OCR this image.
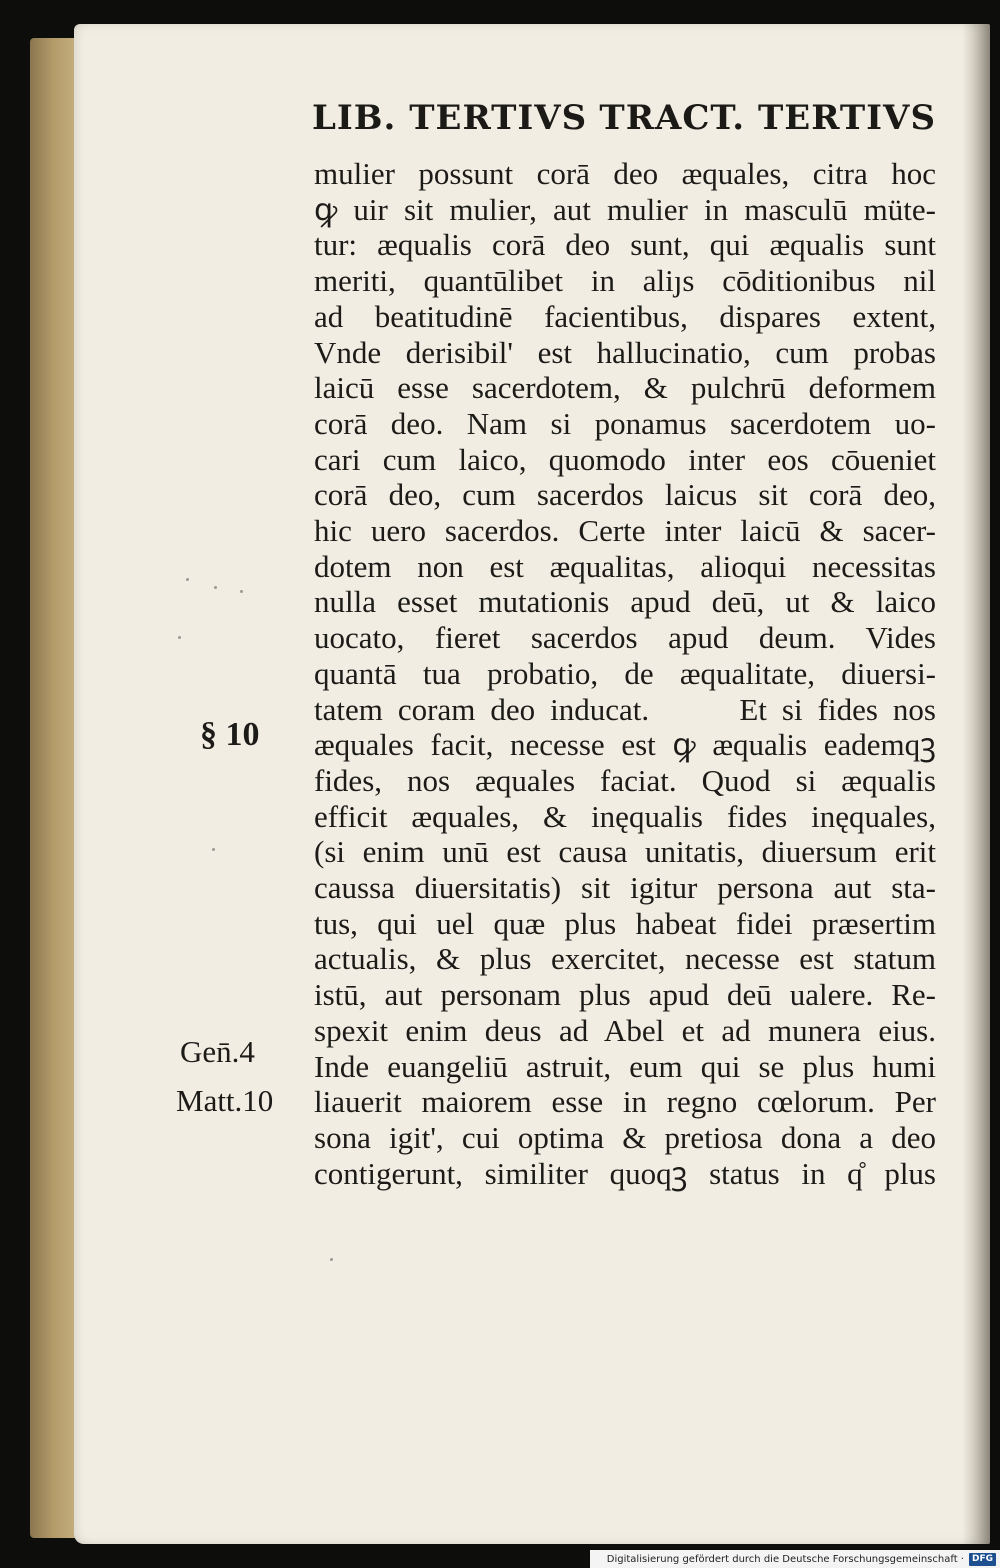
LIB. TERTIVS TRACT. TERTIVS
mulier possunt corā deo æquales, citra hoc
ꝙ uir sit mulier, aut mulier in masculū müte-
tur: æqualis corā deo sunt, qui æqualis sunt
meriti, quantūlibet in aliȷs cōditionibus nil
ad beatitudinē facientibus, dispares extent,
Vnde derisibil' est hallucinatio, cum probas
laicū esse sacerdotem, & pulchrū deformem
corā deo. Nam si ponamus sacerdotem uo-
cari cum laico, quomodo inter eos cōueniet
corā deo, cum sacerdos laicus sit corā deo,
hic uero sacerdos. Certe inter laicū & sacer-
dotem non est æqualitas, alioqui necessitas
nulla esset mutationis apud deū, ut & laico
uocato, fieret sacerdos apud deum. Vides
quantā tua probatio, de æqualitate, diuersi-
tatem coram deo inducat.      Et si fides nos
æquales facit, necesse est ꝙ æqualis eademqꝫ
fides, nos æquales faciat. Quod si æqualis
efficit æquales, & inęqualis fides inęquales,
(si enim unū est causa unitatis, diuersum erit
caussa diuersitatis) sit igitur persona aut sta-
tus, qui uel quæ plus habeat fidei præsertim
actualis, & plus exercitet, necesse est statum
istū, aut personam plus apud deū ualere. Re-
spexit enim deus ad Abel et ad munera eius.
Inde euangeliū astruit, eum qui se plus humi
liauerit maiorem esse in regno cœlorum. Per
sona igit', cui optima & pretiosa dona a deo
contigerunt, similiter quoqꝫ status in q̊ plus
§ 10
Gen̄.4
Matt.10
Digitalisierung gefördert durch die Deutsche Forschungsgemeinschaft · DFG
